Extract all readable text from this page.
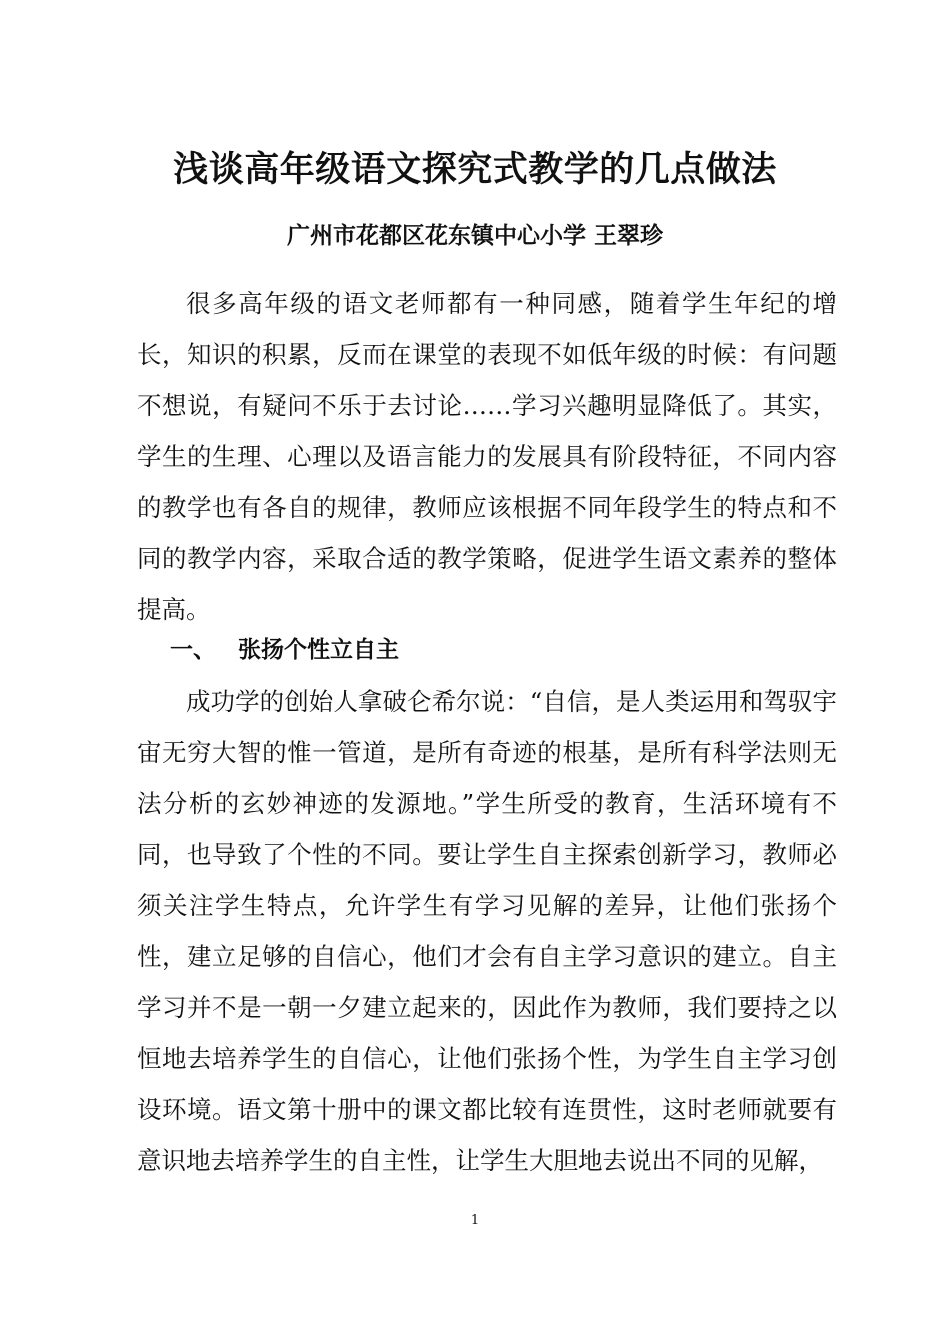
浅谈高年级语文探究式教学的几点做法
广州市花都区花东镇中心小学 王翠珍

很多高年级的语文老师都有一种同感，随着学生年纪的增长，知识的积累，反而在课堂的表现不如低年级的时候：有问题不想说，有疑问不乐于去讨论……学习兴趣明显降低了。其实，学生的生理、心理以及语言能力的发展具有阶段特征，不同内容的教学也有各自的规律，教师应该根据不同年段学生的特点和不同的教学内容，采取合适的教学策略，促进学生语文素养的整体提高。

一、 张扬个性立自主

成功学的创始人拿破仑希尔说：“自信，是人类运用和驾驭宇宙无穷大智的惟一管道，是所有奇迹的根基，是所有科学法则无法分析的玄妙神迹的发源地。”学生所受的教育，生活环境有不同，也导致了个性的不同。要让学生自主探索创新学习，教师必须关注学生特点，允许学生有学习见解的差异，让他们张扬个性，建立足够的自信心，他们才会有自主学习意识的建立。自主学习并不是一朝一夕建立起来的，因此作为教师，我们要持之以恒地去培养学生的自信心，让他们张扬个性，为学生自主学习创设环境。语文第十册中的课文都比较有连贯性，这时老师就要有意识地去培养学生的自主性，让学生大胆地去说出不同的见解，

1
